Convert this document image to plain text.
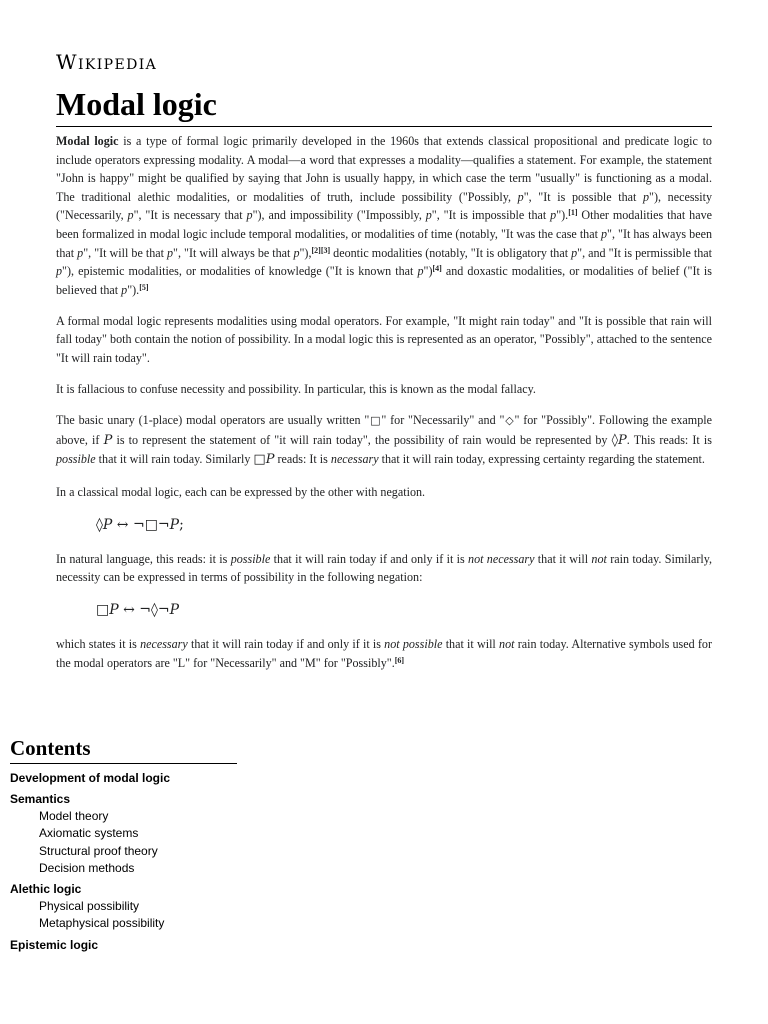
Wikipedia
Modal logic

Modal logic is a type of formal logic primarily developed in the 1960s that extends classical propositional and predicate logic to include operators expressing modality. A modal—a word that expresses a modality—qualifies a statement. For example, the statement "John is happy" might be qualified by saying that John is usually happy, in which case the term "usually" is functioning as a modal. The traditional alethic modalities, or modalities of truth, include possibility ("Possibly, p", "It is possible that p"), necessity ("Necessarily, p", "It is necessary that p"), and impossibility ("Impossibly, p", "It is impossible that p").[1] Other modalities that have been formalized in modal logic include temporal modalities, or modalities of time (notably, "It was the case that p", "It has always been that p", "It will be that p", "It will always be that p"),[2][3] deontic modalities (notably, "It is obligatory that p", and "It is permissible that p"), epistemic modalities, or modalities of knowledge ("It is known that p")[4] and doxastic modalities, or modalities of belief ("It is believed that p").[5]

A formal modal logic represents modalities using modal operators. For example, "It might rain today" and "It is possible that rain will fall today" both contain the notion of possibility. In a modal logic this is represented as an operator, "Possibly", attached to the sentence "It will rain today".

It is fallacious to confuse necessity and possibility. In particular, this is known as the modal fallacy.

The basic unary (1-place) modal operators are usually written "□" for "Necessarily" and "◇" for "Possibly". Following the example above, if P is to represent the statement of "it will rain today", the possibility of rain would be represented by ◊P. This reads: It is possible that it will rain today. Similarly □P reads: It is necessary that it will rain today, expressing certainty regarding the statement.

In a classical modal logic, each can be expressed by the other with negation.

◊P ↔ ¬□¬P;

In natural language, this reads: it is possible that it will rain today if and only if it is not necessary that it will not rain today. Similarly, necessity can be expressed in terms of possibility in the following negation:

□P ↔ ¬◊¬P

which states it is necessary that it will rain today if and only if it is not possible that it will not rain today. Alternative symbols used for the modal operators are "L" for "Necessarily" and "M" for "Possibly".[6]

Contents
Development of modal logic
Semantics
Model theory
Axiomatic systems
Structural proof theory
Decision methods
Alethic logic
Physical possibility
Metaphysical possibility
Epistemic logic
